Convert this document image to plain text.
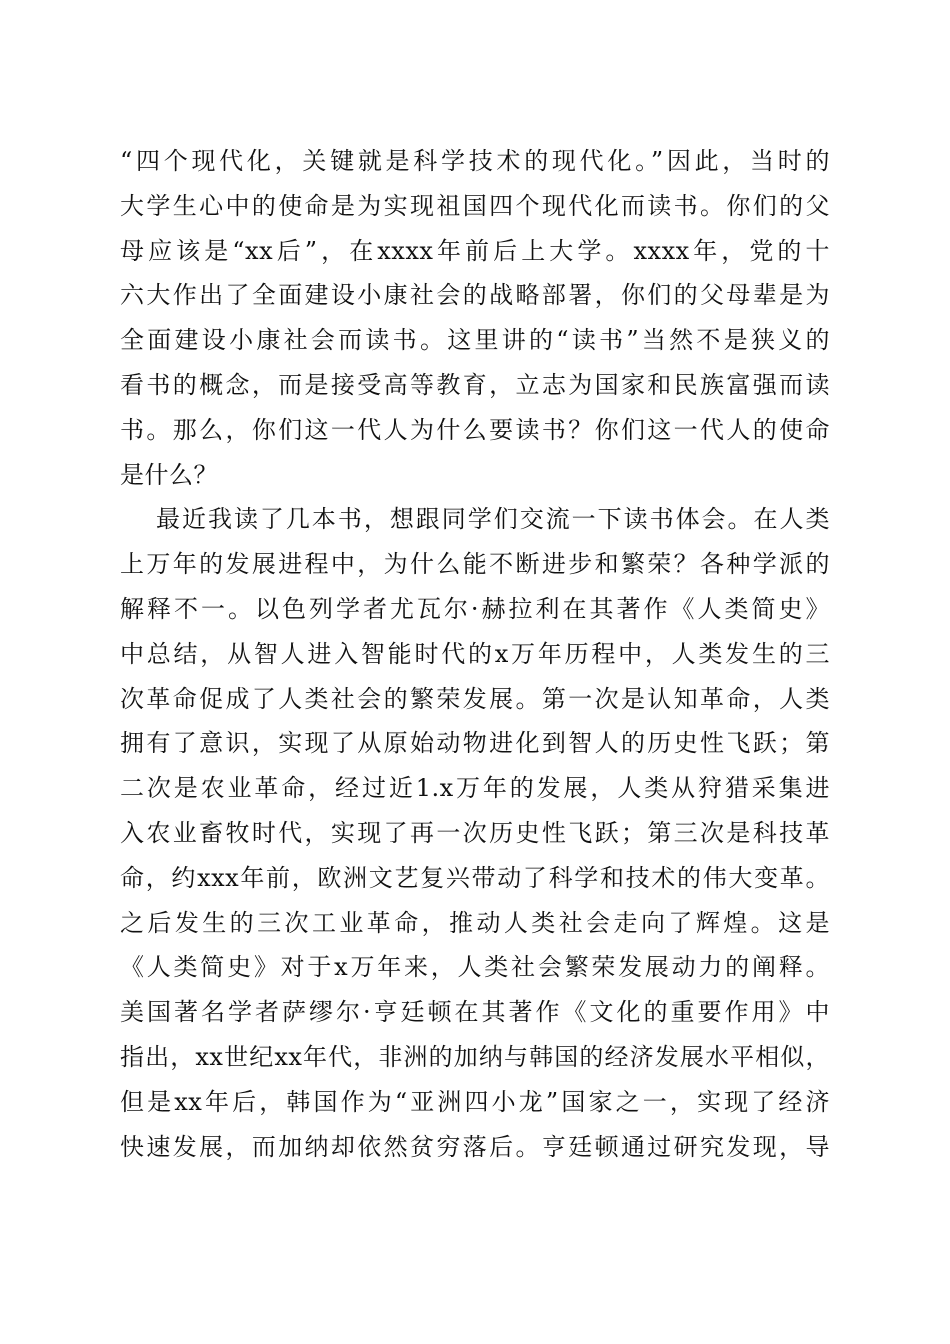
“四个现代化，关键就是科学技术的现代化。”因此，当时的
大学生心中的使命是为实现祖国四个现代化而读书。你们的父
母应该是“xx后”，在xxxx年前后上大学。xxxx年，党的十
六大作出了全面建设小康社会的战略部署，你们的父母辈是为
全面建设小康社会而读书。这里讲的“读书”当然不是狭义的
看书的概念，而是接受高等教育，立志为国家和民族富强而读
书。那么，你们这一代人为什么要读书？你们这一代人的使命
是什么？
最近我读了几本书，想跟同学们交流一下读书体会。在人类
上万年的发展进程中，为什么能不断进步和繁荣？各种学派的
解释不一。以色列学者尤瓦尔·赫拉利在其著作《人类简史》
中总结，从智人进入智能时代的x万年历程中，人类发生的三
次革命促成了人类社会的繁荣发展。第一次是认知革命，人类
拥有了意识，实现了从原始动物进化到智人的历史性飞跃；第
二次是农业革命，经过近1.x万年的发展，人类从狩猎采集进
入农业畜牧时代，实现了再一次历史性飞跃；第三次是科技革
命，约xxx年前，欧洲文艺复兴带动了科学和技术的伟大变革。
之后发生的三次工业革命，推动人类社会走向了辉煌。这是
《人类简史》对于x万年来，人类社会繁荣发展动力的阐释。
美国著名学者萨缪尔·亨廷顿在其著作《文化的重要作用》中
指出，xx世纪xx年代，非洲的加纳与韩国的经济发展水平相似，
但是xx年后，韩国作为“亚洲四小龙”国家之一，实现了经济
快速发展，而加纳却依然贫穷落后。亨廷顿通过研究发现，导
